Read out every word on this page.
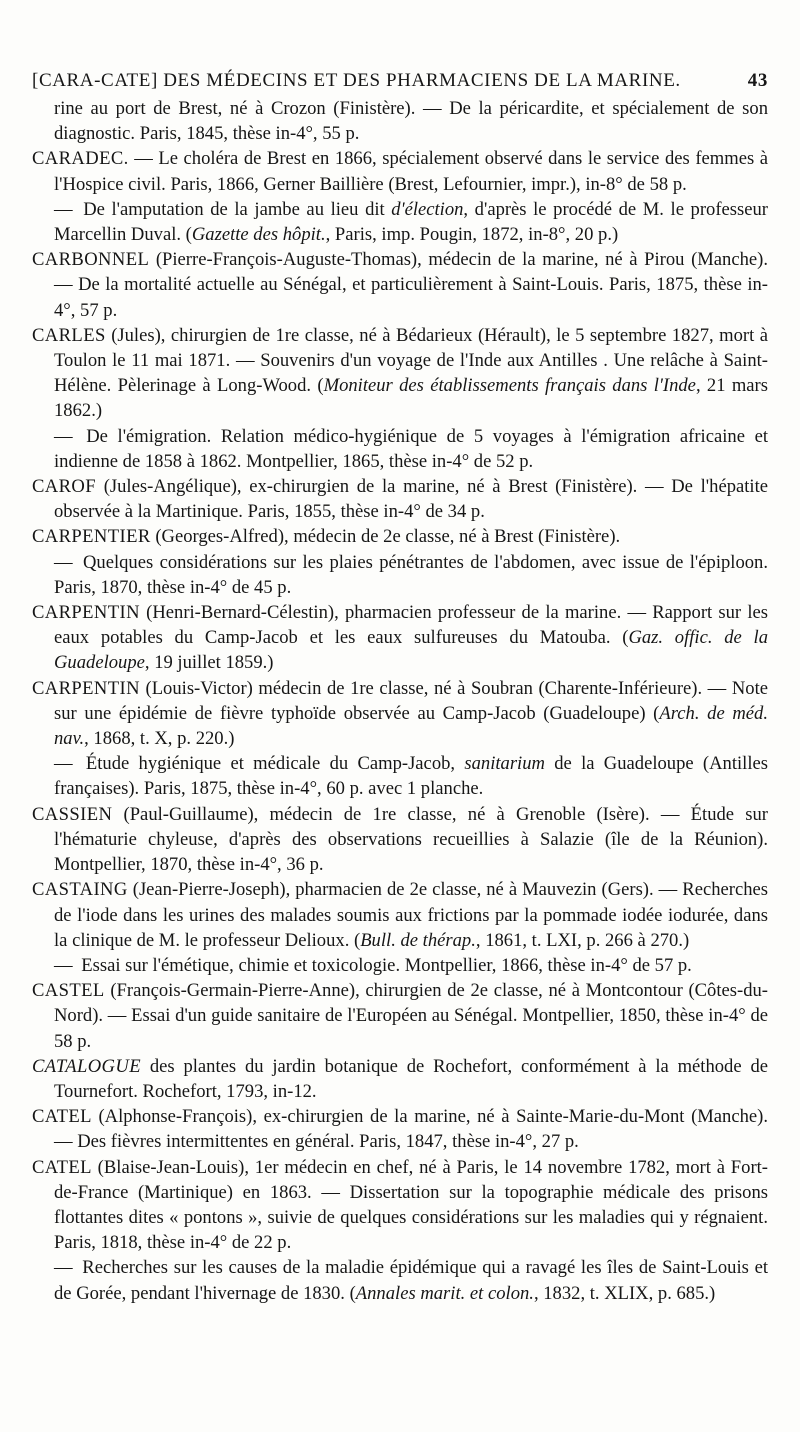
[CARA-CATE] DES MÉDECINS ET DES PHARMACIENS DE LA MARINE.	43

rine au port de Brest, né à Crozon (Finistère). — De la péricardite, et spécialement de son diagnostic. Paris, 1845, thèse in-4°, 55 p.

CARADEC. — Le choléra de Brest en 1866, spécialement observé dans le service des femmes à l'Hospice civil. Paris, 1866, Gerner Baillière (Brest, Lefournier, impr.), in-8° de 58 p.

— De l'amputation de la jambe au lieu dit d'élection, d'après le procédé de M. le professeur Marcellin Duval. (Gazette des hôpit., Paris, imp. Pougin, 1872, in-8°, 20 p.)

CARBONNEL (Pierre-François-Auguste-Thomas), médecin de la marine, né à Pirou (Manche). — De la mortalité actuelle au Sénégal, et particulièrement à Saint-Louis. Paris, 1875, thèse in-4°, 57 p.

CARLES (Jules), chirurgien de 1re classe, né à Bédarieux (Hérault), le 5 septembre 1827, mort à Toulon le 11 mai 1871. — Souvenirs d'un voyage de l'Inde aux Antilles . Une relâche à Saint-Hélène. Pèlerinage à Long-Wood. (Moniteur des établissements français dans l'Inde, 21 mars 1862.)

— De l'émigration. Relation médico-hygiénique de 5 voyages à l'émigration africaine et indienne de 1858 à 1862. Montpellier, 1865, thèse in-4° de 52 p.

CAROF (Jules-Angélique), ex-chirurgien de la marine, né à Brest (Finistère). — De l'hépatite observée à la Martinique. Paris, 1855, thèse in-4° de 34 p.

CARPENTIER (Georges-Alfred), médecin de 2e classe, né à Brest (Finistère).

— Quelques considérations sur les plaies pénétrantes de l'abdomen, avec issue de l'épiploon. Paris, 1870, thèse in-4° de 45 p.

CARPENTIN (Henri-Bernard-Célestin), pharmacien professeur de la marine. — Rapport sur les eaux potables du Camp-Jacob et les eaux sulfureuses du Matouba. (Gaz. offic. de la Guadeloupe, 19 juillet 1859.)

CARPENTIN (Louis-Victor) médecin de 1re classe, né à Soubran (Charente-Inférieure). — Note sur une épidémie de fièvre typhoïde observée au Camp-Jacob (Guadeloupe) (Arch. de méd. nav., 1868, t. X, p. 220.)

— Étude hygiénique et médicale du Camp-Jacob, sanitarium de la Guadeloupe (Antilles françaises). Paris, 1875, thèse in-4°, 60 p. avec 1 planche.

CASSIEN (Paul-Guillaume), médecin de 1re classe, né à Grenoble (Isère). — Étude sur l'hématurie chyleuse, d'après des observations recueillies à Salazie (île de la Réunion). Montpellier, 1870, thèse in-4°, 36 p.

CASTAING (Jean-Pierre-Joseph), pharmacien de 2e classe, né à Mauvezin (Gers). — Recherches de l'iode dans les urines des malades soumis aux frictions par la pommade iodée iodurée, dans la clinique de M. le professeur Delioux. (Bull. de thérap., 1861, t. LXI, p. 266 à 270.)

— Essai sur l'émétique, chimie et toxicologie. Montpellier, 1866, thèse in-4° de 57 p.

CASTEL (François-Germain-Pierre-Anne), chirurgien de 2e classe, né à Montcontour (Côtes-du-Nord). — Essai d'un guide sanitaire de l'Européen au Sénégal. Montpellier, 1850, thèse in-4° de 58 p.

CATALOGUE des plantes du jardin botanique de Rochefort, conformément à la méthode de Tournefort. Rochefort, 1793, in-12.

CATEL (Alphonse-François), ex-chirurgien de la marine, né à Sainte-Marie-du-Mont (Manche). — Des fièvres intermittentes en général. Paris, 1847, thèse in-4°, 27 p.

CATEL (Blaise-Jean-Louis), 1er médecin en chef, né à Paris, le 14 novembre 1782, mort à Fort-de-France (Martinique) en 1863. — Dissertation sur la topographie médicale des prisons flottantes dites « pontons », suivie de quelques considérations sur les maladies qui y régnaient. Paris, 1818, thèse in-4° de 22 p.

— Recherches sur les causes de la maladie épidémique qui a ravagé les îles de Saint-Louis et de Gorée, pendant l'hivernage de 1830. (Annales marit. et colon., 1832, t. XLIX, p. 685.)
